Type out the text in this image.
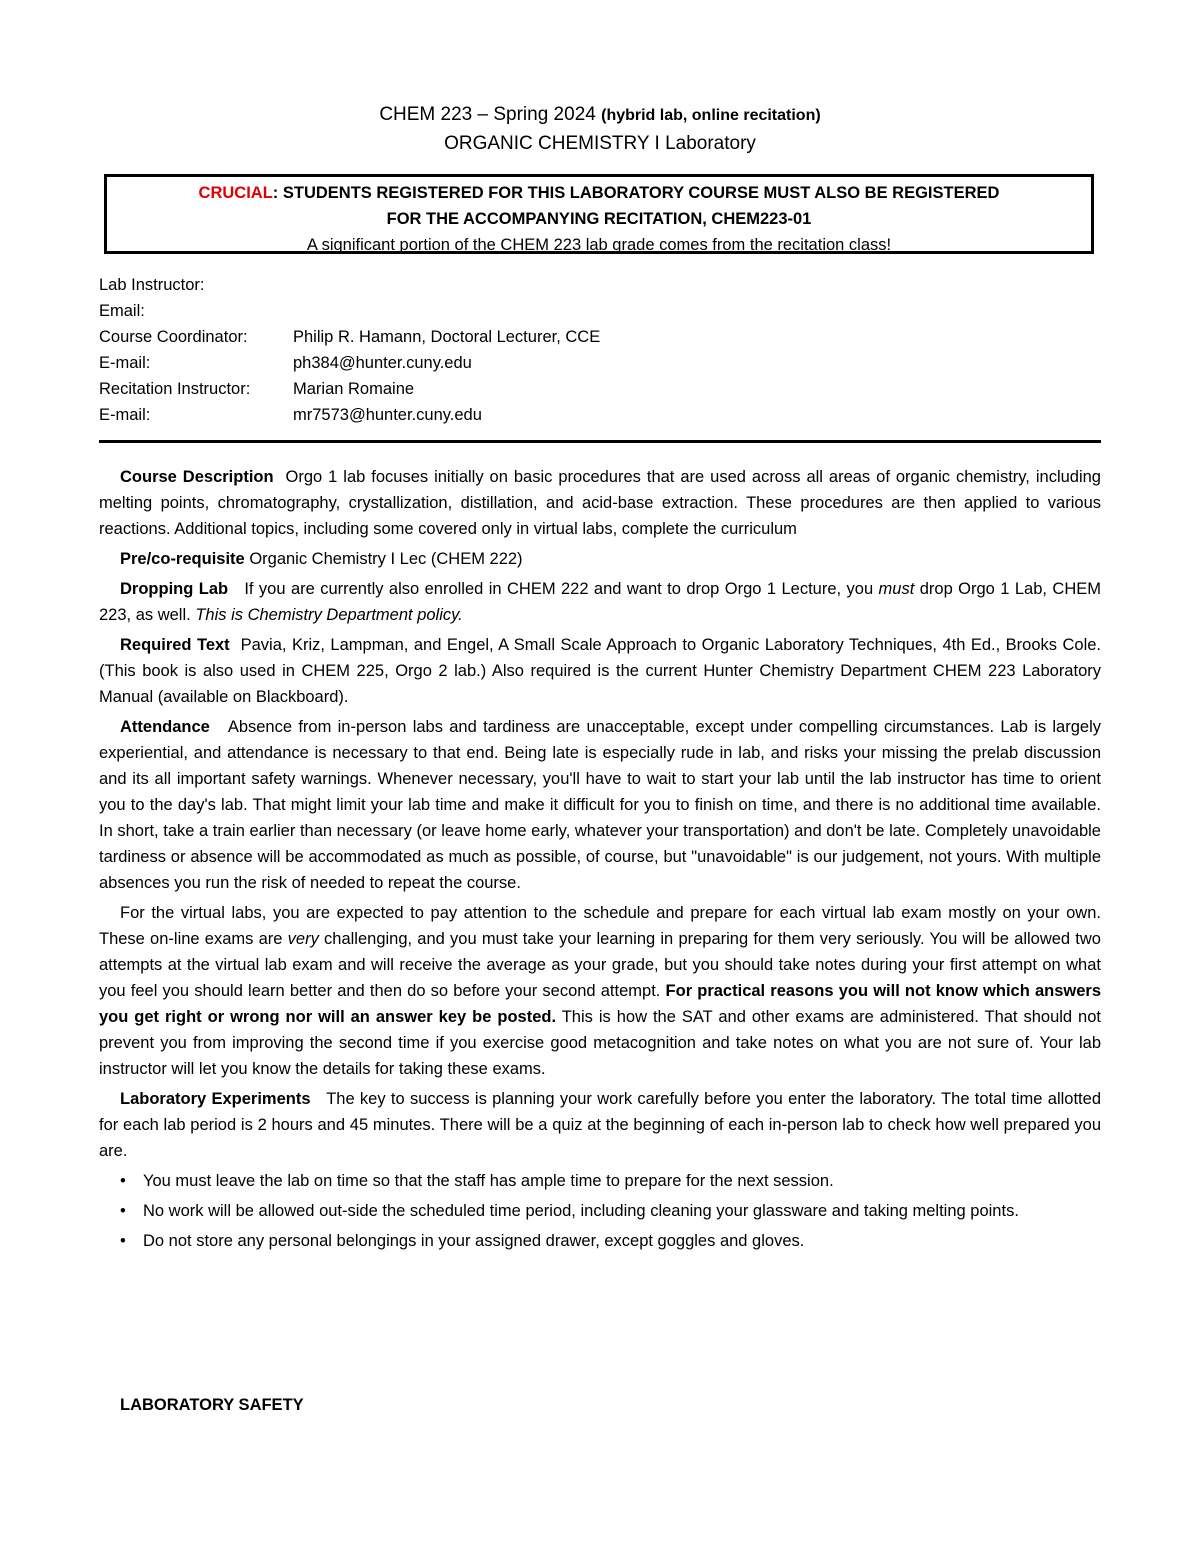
CHEM 223 – Spring 2024 (hybrid lab, online recitation)
ORGANIC CHEMISTRY I Laboratory
CRUCIAL: STUDENTS REGISTERED FOR THIS LABORATORY COURSE MUST ALSO BE REGISTERED
FOR THE ACCOMPANYING RECITATION, CHEM223-01
A significant portion of the CHEM 223 lab grade comes from the recitation class!
Lab Instructor:
Email:
Course Coordinator:	Philip R. Hamann, Doctoral Lecturer, CCE
E-mail:	ph384@hunter.cuny.edu
Recitation Instructor:	Marian Romaine
E-mail:	mr7573@hunter.cuny.edu

Course Description Orgo 1 lab focuses initially on basic procedures that are used across all areas of organic chemistry, including melting points, chromatography, crystallization, distillation, and acid-base extraction. These procedures are then applied to various reactions. Additional topics, including some covered only in virtual labs, complete the curriculum

Pre/co-requisite Organic Chemistry I Lec (CHEM 222)

Dropping Lab If you are currently also enrolled in CHEM 222 and want to drop Orgo 1 Lecture, you must drop Orgo 1 Lab, CHEM 223, as well. This is Chemistry Department policy.

Required Text Pavia, Kriz, Lampman, and Engel, A Small Scale Approach to Organic Laboratory Techniques, 4th Ed., Brooks Cole. (This book is also used in CHEM 225, Orgo 2 lab.) Also required is the current Hunter Chemistry Department CHEM 223 Laboratory Manual (available on Blackboard).

Attendance Absence from in-person labs and tardiness are unacceptable, except under compelling circumstances. Lab is largely experiential, and attendance is necessary to that end. Being late is especially rude in lab, and risks your missing the prelab discussion and its all important safety warnings. Whenever necessary, you'll have to wait to start your lab until the lab instructor has time to orient you to the day's lab. That might limit your lab time and make it difficult for you to finish on time, and there is no additional time available. In short, take a train earlier than necessary (or leave home early, whatever your transportation) and don't be late. Completely unavoidable tardiness or absence will be accommodated as much as possible, of course, but "unavoidable" is our judgement, not yours. With multiple absences you run the risk of needed to repeat the course.

For the virtual labs, you are expected to pay attention to the schedule and prepare for each virtual lab exam mostly on your own. These on-line exams are very challenging, and you must take your learning in preparing for them very seriously. You will be allowed two attempts at the virtual lab exam and will receive the average as your grade, but you should take notes during your first attempt on what you feel you should learn better and then do so before your second attempt. For practical reasons you will not know which answers you get right or wrong nor will an answer key be posted. This is how the SAT and other exams are administered. That should not prevent you from improving the second time if you exercise good metacognition and take notes on what you are not sure of. Your lab instructor will let you know the details for taking these exams.

Laboratory Experiments The key to success is planning your work carefully before you enter the laboratory. The total time allotted for each lab period is 2 hours and 45 minutes. There will be a quiz at the beginning of each in-person lab to check how well prepared you are.

• You must leave the lab on time so that the staff has ample time to prepare for the next session.
• No work will be allowed out-side the scheduled time period, including cleaning your glassware and taking melting points.
• Do not store any personal belongings in your assigned drawer, except goggles and gloves.
LABORATORY SAFETY
